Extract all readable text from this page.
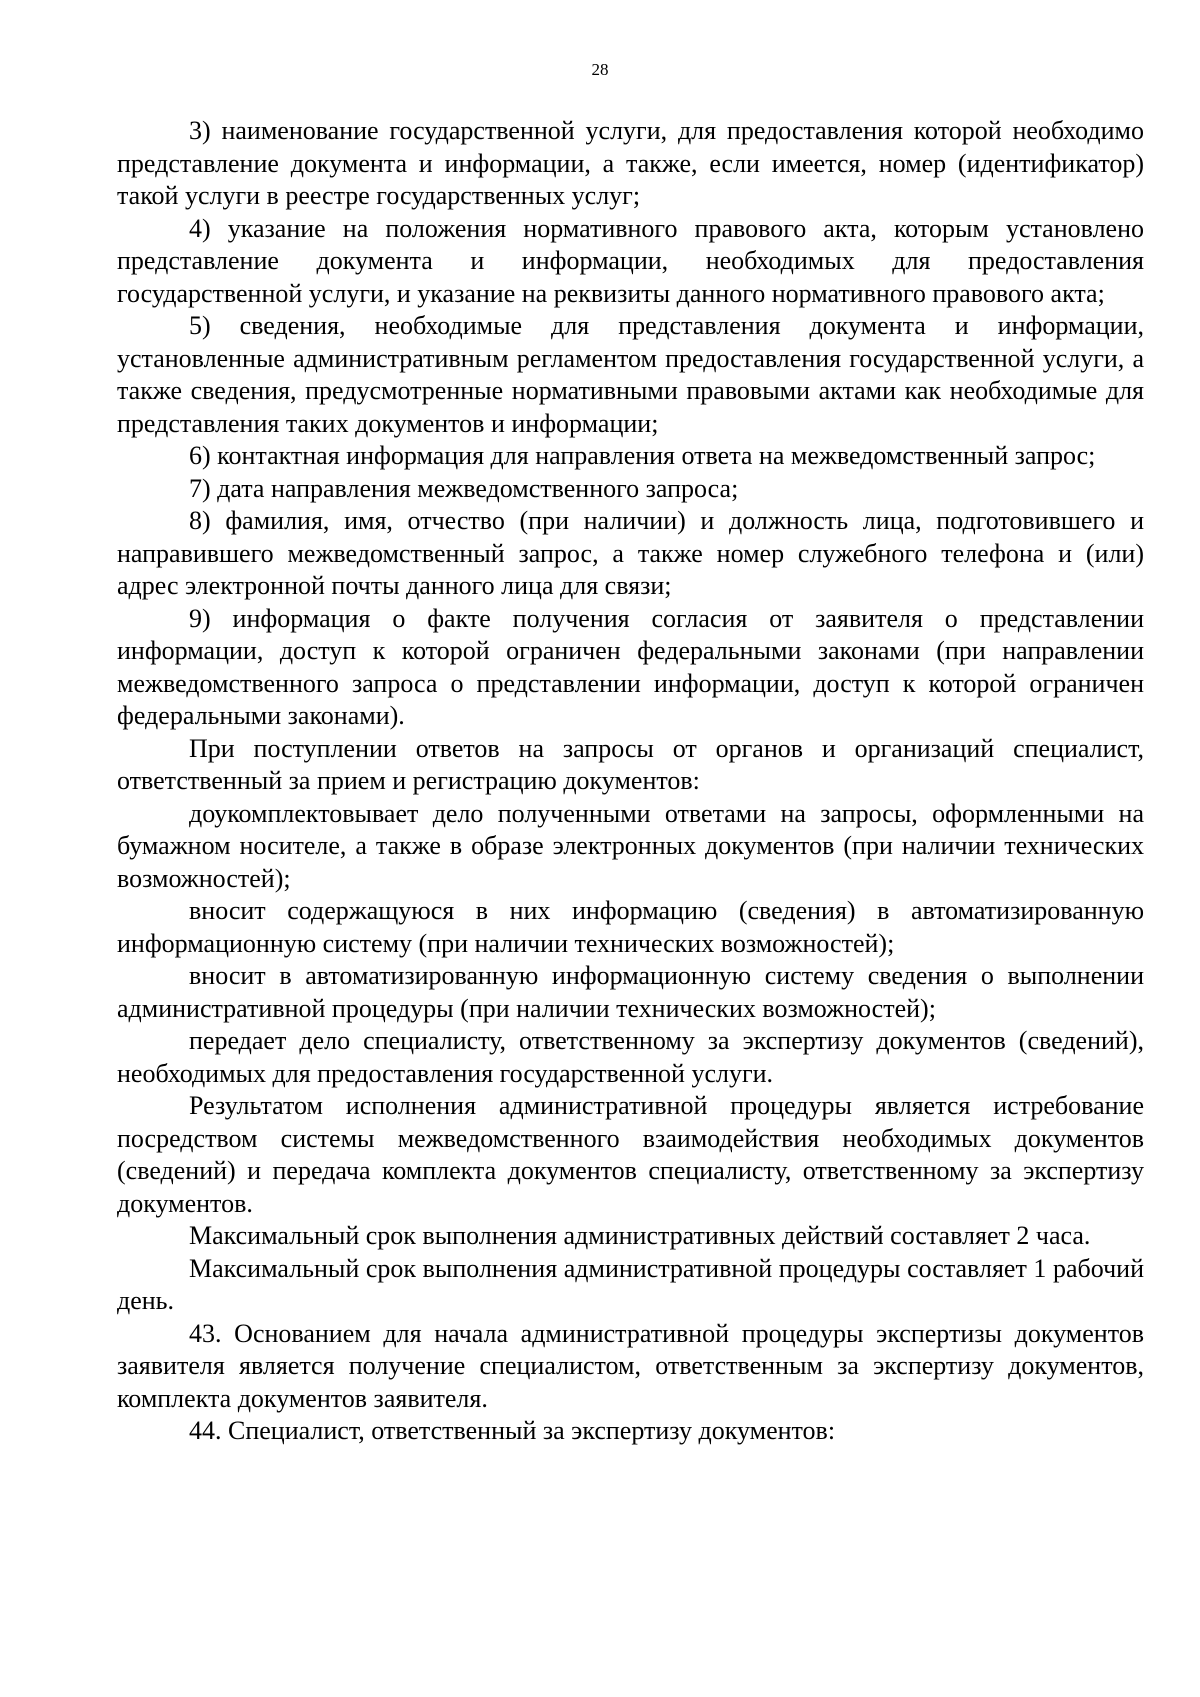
28

3) наименование государственной услуги, для предоставления которой необходимо представление документа и информации, а также, если имеется, номер (идентификатор) такой услуги в реестре государственных услуг;

4) указание на положения нормативного правового акта, которым установлено представление документа и информации, необходимых для предоставления государственной услуги, и указание на реквизиты данного нормативного правового акта;

5) сведения, необходимые для представления документа и информации, установленные административным регламентом предоставления государственной услуги, а также сведения, предусмотренные нормативными правовыми актами как необходимые для представления таких документов и информации;

6) контактная информация для направления ответа на межведомственный запрос;

7) дата направления межведомственного запроса;

8) фамилия, имя, отчество (при наличии) и должность лица, подготовившего и направившего межведомственный запрос, а также номер служебного телефона и (или) адрес электронной почты данного лица для связи;

9) информация о факте получения согласия от заявителя о представлении информации, доступ к которой ограничен федеральными законами (при направлении межведомственного запроса о представлении информации, доступ к которой ограничен федеральными законами).

При поступлении ответов на запросы от органов и организаций специалист, ответственный за прием и регистрацию документов:

доукомплектовывает дело полученными ответами на запросы, оформленными на бумажном носителе, а также в образе электронных документов (при наличии технических возможностей);

вносит содержащуюся в них информацию (сведения) в автоматизированную информационную систему (при наличии технических возможностей);

вносит в автоматизированную информационную систему сведения о выполнении административной процедуры (при наличии технических возможностей);

передает дело специалисту, ответственному за экспертизу документов (сведений), необходимых для предоставления государственной услуги.

Результатом исполнения административной процедуры является истребование посредством системы межведомственного взаимодействия необходимых документов (сведений) и передача комплекта документов специалисту, ответственному за экспертизу документов.

Максимальный срок выполнения административных действий составляет 2 часа.

Максимальный срок выполнения административной процедуры составляет 1 рабочий день.

43. Основанием для начала административной процедуры экспертизы документов заявителя является получение специалистом, ответственным за экспертизу документов, комплекта документов заявителя.

44. Специалист, ответственный за экспертизу документов:
